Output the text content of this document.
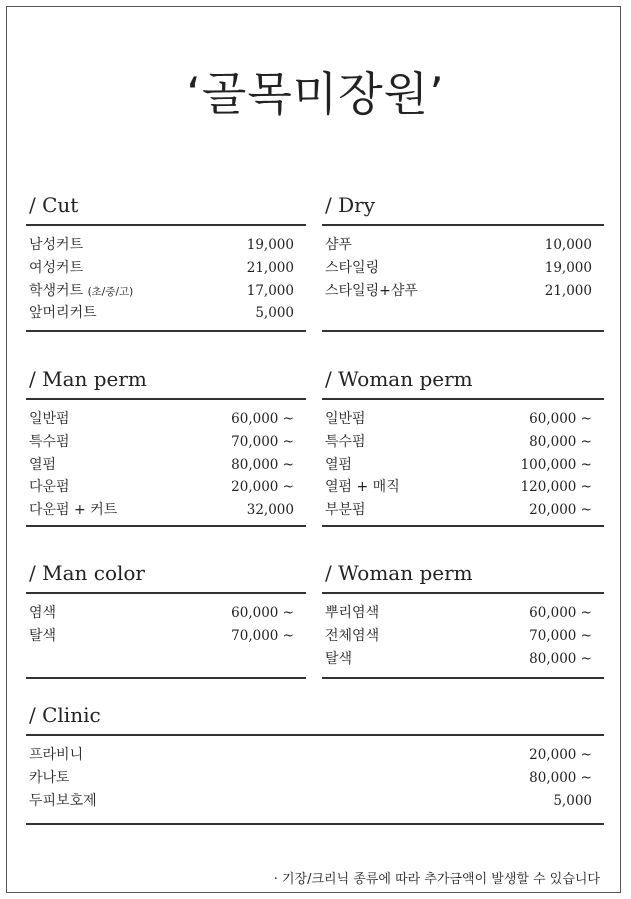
‘골목미장원’
/ Cut
남성커트	19,000
여성커트	21,000
학생커트 (초/중/고)	17,000
앞머리커트	5,000
/ Dry
샴푸	10,000
스타일링	19,000
스타일링+샴푸	21,000
/ Man perm
일반펌	60,000 ~
특수펌	70,000 ~
열펌	80,000 ~
다운펌	20,000 ~
다운펌 + 커트	32,000
/ Woman perm
일반펌	60,000 ~
특수펌	80,000 ~
열펌	100,000 ~
열펌 + 매직	120,000 ~
부분펌	20,000 ~
/ Man color
염색	60,000 ~
탈색	70,000 ~
/ Woman perm
뿌리염색	60,000 ~
전체염색	70,000 ~
탈색	80,000 ~
/ Clinic
프라비니	20,000 ~
카나토	80,000 ~
두피보호제	5,000
· 기장/크리닉 종류에 따라 추가금액이 발생할 수 있습니다
